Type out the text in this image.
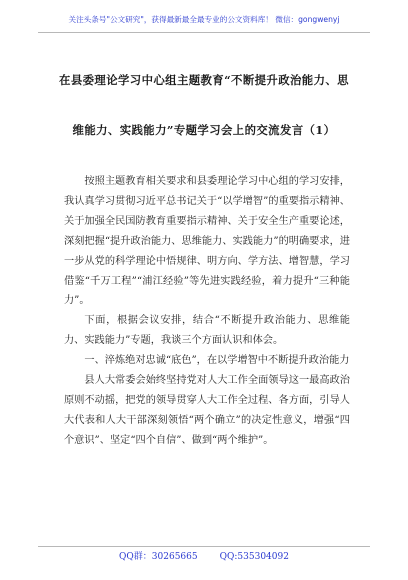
关注头条号"公文研究"，获得最新最全最专业的公文资料库！ 微信：gongwenyj
在县委理论学习中心组主题教育“不断提升政治能力、思
维能力、实践能力”专题学习会上的交流发言（1）

按照主题教育相关要求和县委理论学习中心组的学习安排，我认真学习贯彻习近平总书记关于“以学增智”的重要指示精神、关于加强全民国防教育重要指示精神、关于安全生产重要论述，深刻把握“提升政治能力、思维能力、实践能力”的明确要求，进一步从党的科学理论中悟规律、明方向、学方法、增智慧，学习借鉴“千万工程”“浦江经验”等先进实践经验，着力提升“三种能力”。

下面，根据会议安排，结合“不断提升政治能力、思维能力、实践能力”专题，我谈三个方面认识和体会。

一、淬炼绝对忠诚“底色”，在以学增智中不断提升政治能力

县人大常委会始终坚持党对人大工作全面领导这一最高政治原则不动摇，把党的领导贯穿人大工作全过程、各方面，引导人大代表和人大干部深刻领悟“两个确立”的决定性意义，增强“四个意识”、坚定“四个自信”、做到“两个维护”。

QQ群：30265665 QQ:535304092
